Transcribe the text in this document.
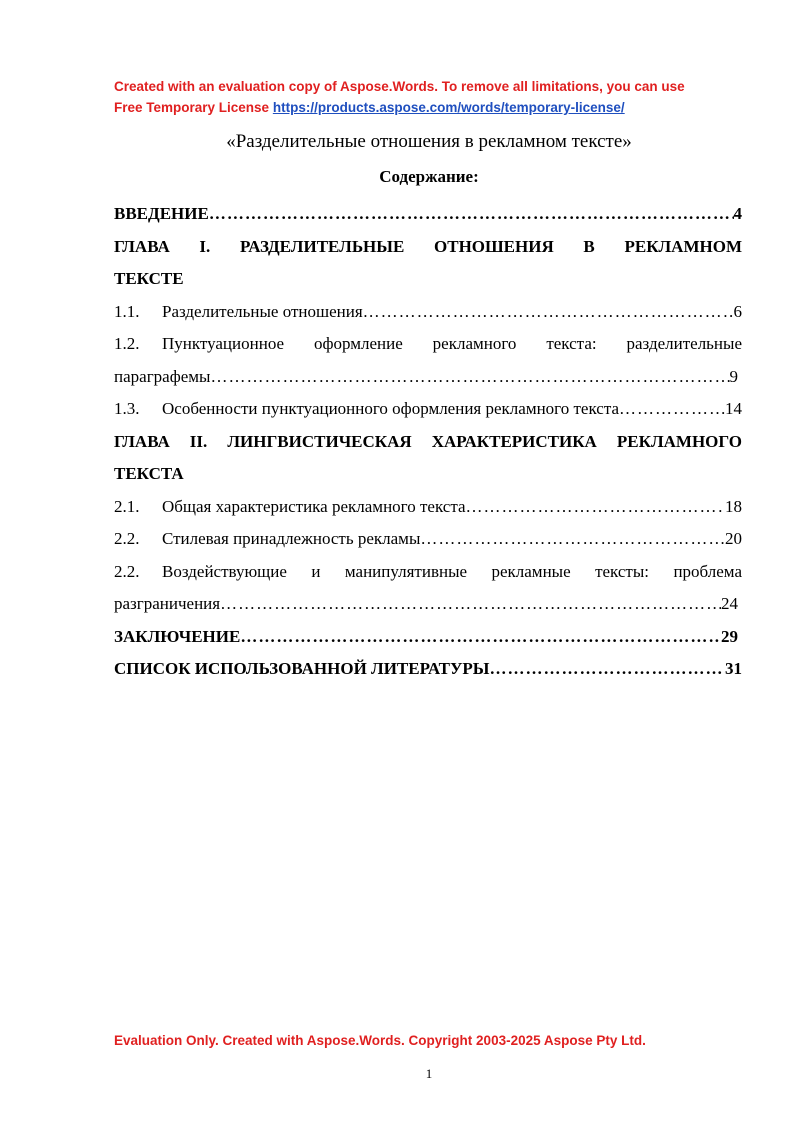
Created with an evaluation copy of Aspose.Words. To remove all limitations, you can use
Free Temporary License https://products.aspose.com/words/temporary-license/
«Разделительные отношения в рекламном тексте»
Содержание:
ВВЕДЕНИЕ ……………………………………………………………………………………………………………………………………………	4
ГЛАВА I. РАЗДЕЛИТЕЛЬНЫЕ ОТНОШЕНИЯ В РЕКЛАМНОМ
ТЕКСТЕ
1.1. Разделительные отношения ……………………………………………………………………………………………………………………………………………	6
1.2.	Пунктуационное оформление рекламного текста: разделительные
параграфемы ……………………………………………………………………………………………………………………………………………	9
1.3. Особенности пунктуационного оформления рекламного текста ……………………………………………………………………………………………………………………………………………	14
ГЛАВА II. ЛИНГВИСТИЧЕСКАЯ ХАРАКТЕРИСТИКА РЕКЛАМНОГО
ТЕКСТА
2.1. Общая характеристика рекламного текста ……………………………………………………………………………………………………………………………………………	18
2.2. Стилевая принадлежность рекламы ……………………………………………………………………………………………………………………………………………	20
2.2.	Воздействующие и манипулятивные рекламные тексты: проблема
разграничения ……………………………………………………………………………………………………………………………………………	24
ЗАКЛЮЧЕНИЕ ……………………………………………………………………………………………………………………………………………	29
СПИСОК ИСПОЛЬЗОВАННОЙ ЛИТЕРАТУРЫ ……………………………………………………………………………………………………………………………………………	31
Evaluation Only. Created with Aspose.Words. Copyright 2003-2025 Aspose Pty Ltd.
1
